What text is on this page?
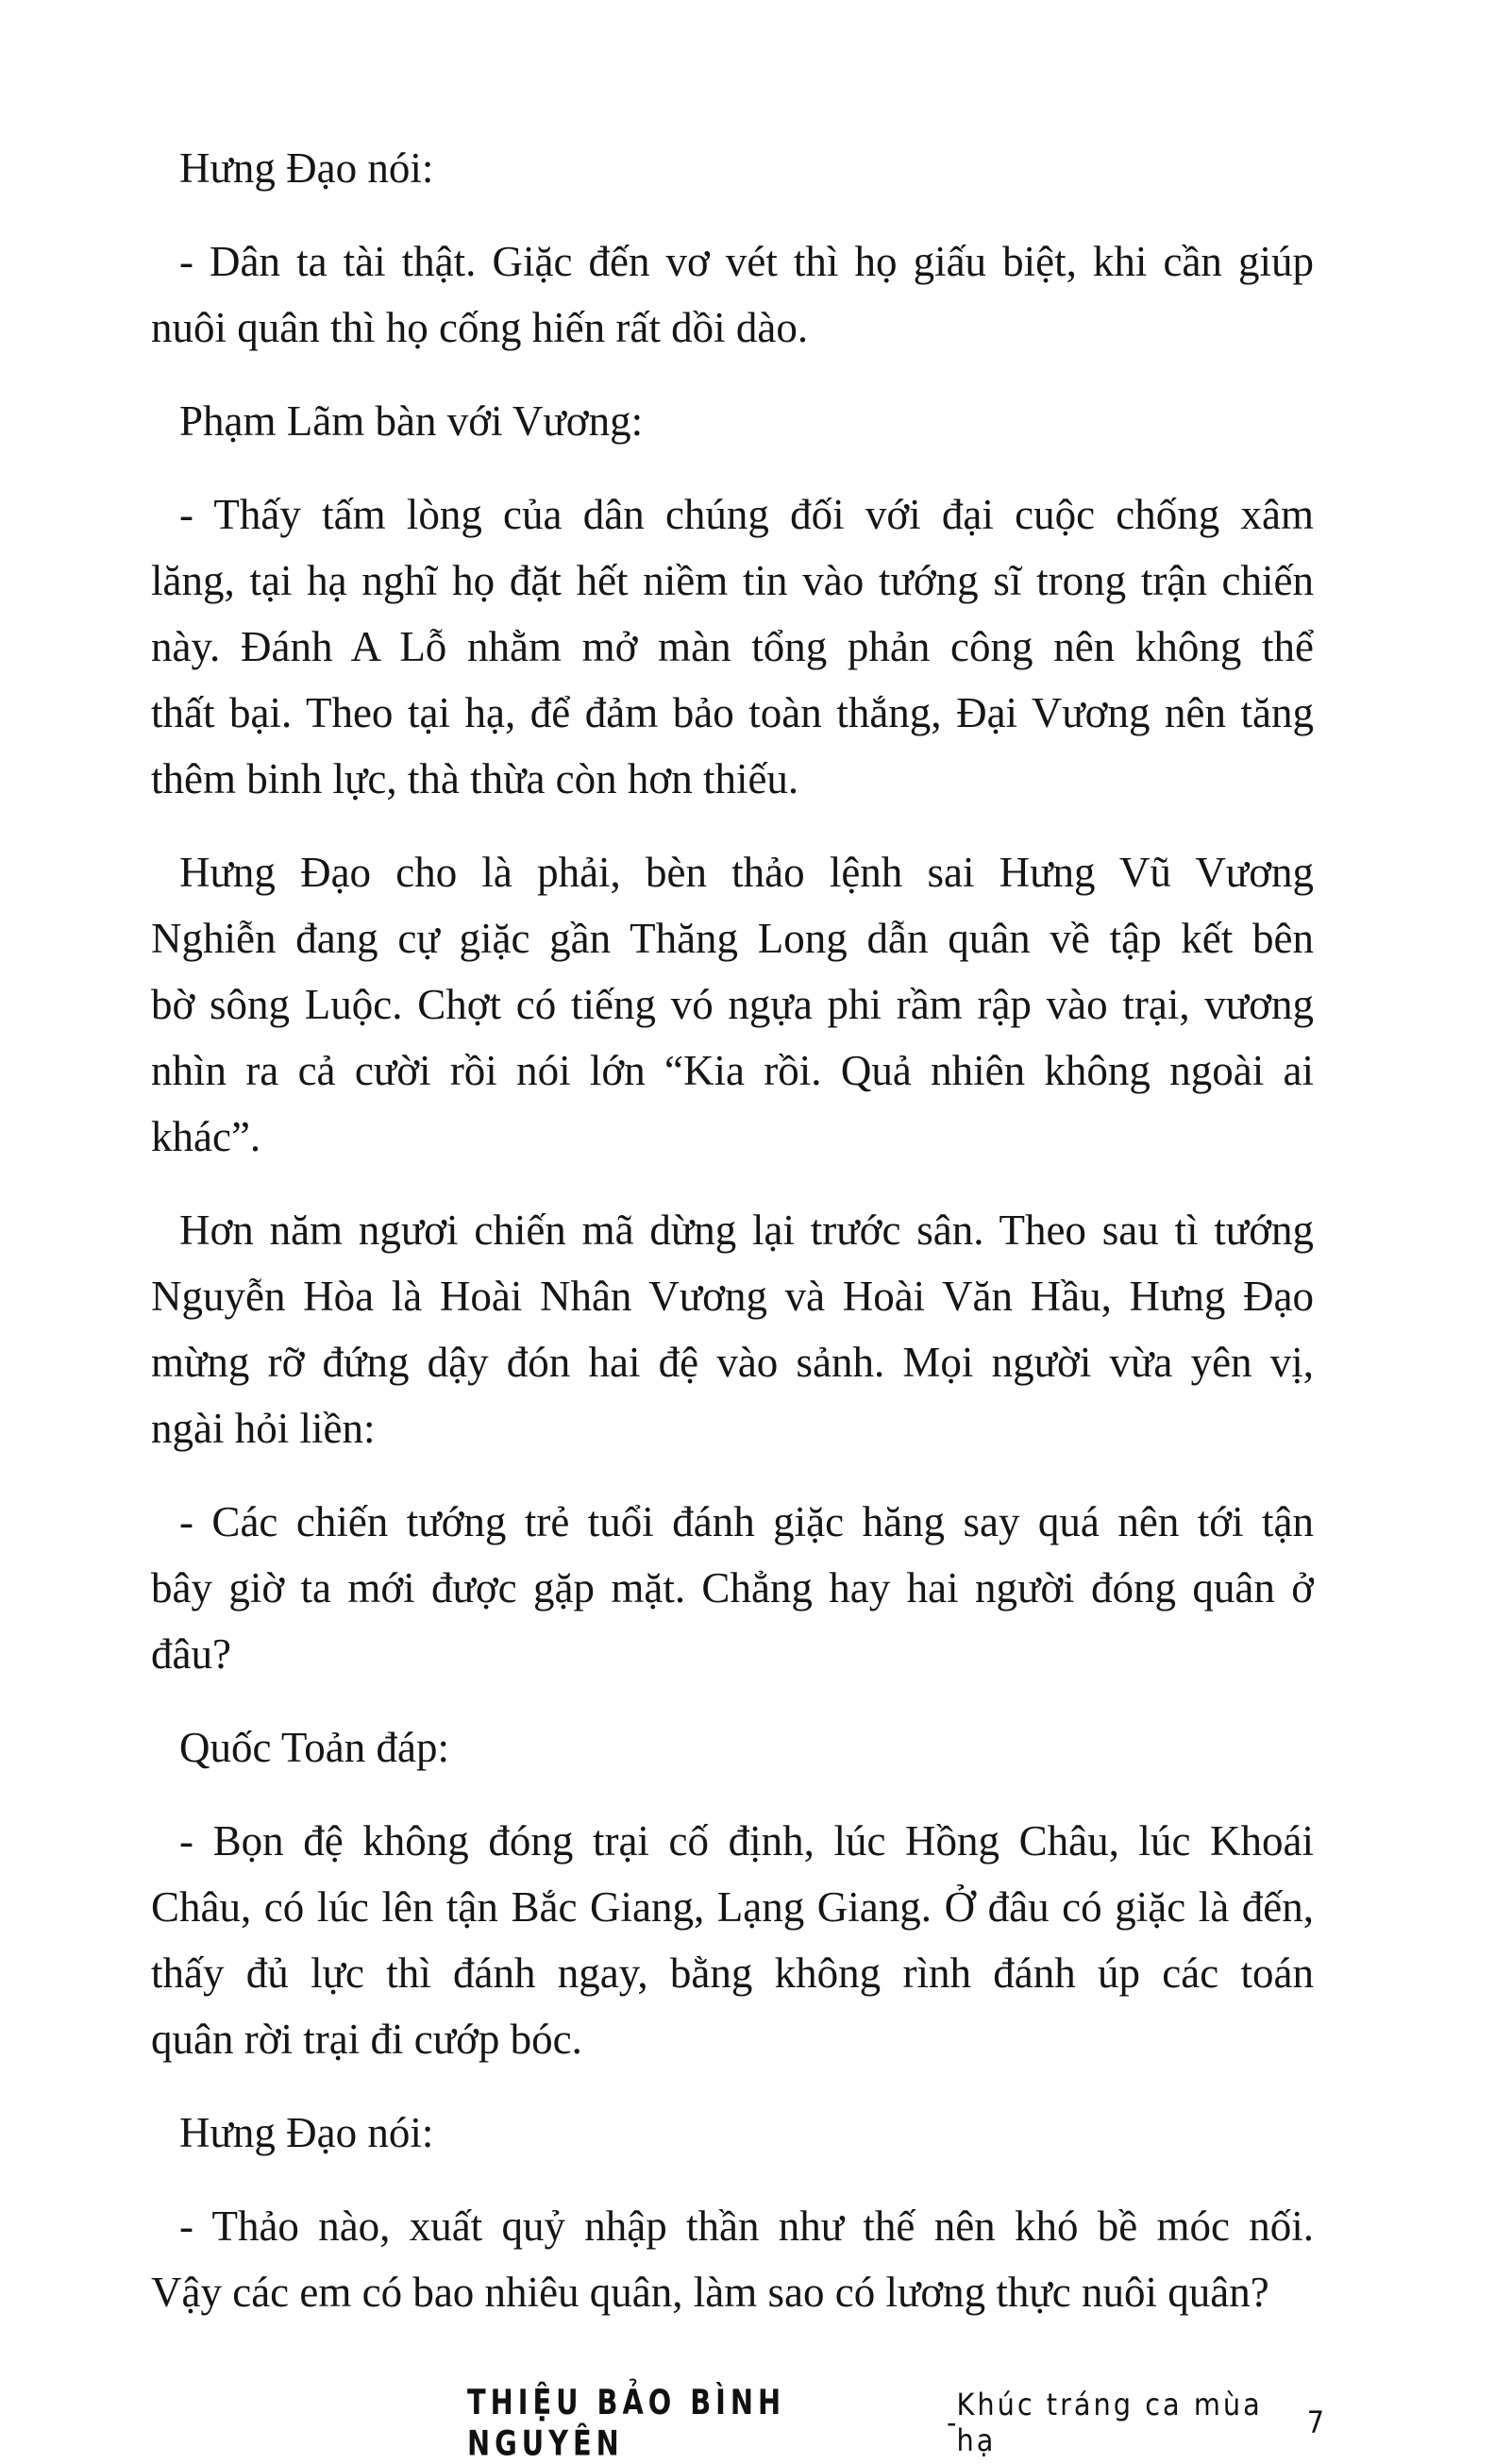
Hưng Đạo nói:
- Dân ta tài thật. Giặc đến vơ vét thì họ giấu biệt, khi cần giúp
nuôi quân thì họ cống hiến rất dồi dào.
Phạm Lãm bàn với Vương:
- Thấy tấm lòng của dân chúng đối với đại cuộc chống xâm
lăng, tại hạ nghĩ họ đặt hết niềm tin vào tướng sĩ trong trận chiến
này. Đánh A Lỗ nhằm mở màn tổng phản công nên không thể
thất bại. Theo tại hạ, để đảm bảo toàn thắng, Đại Vương nên tăng
thêm binh lực, thà thừa còn hơn thiếu.
Hưng Đạo cho là phải, bèn thảo lệnh sai Hưng Vũ Vương
Nghiễn đang cự giặc gần Thăng Long dẫn quân về tập kết bên
bờ sông Luộc. Chợt có tiếng vó ngựa phi rầm rập vào trại, vương
nhìn ra cả cười rồi nói lớn “Kia rồi. Quả nhiên không ngoài ai
khác”.
Hơn năm ngươi chiến mã dừng lại trước sân. Theo sau tì tướng
Nguyễn Hòa là Hoài Nhân Vương và Hoài Văn Hầu, Hưng Đạo
mừng rỡ đứng dậy đón hai đệ vào sảnh. Mọi người vừa yên vị,
ngài hỏi liền:
- Các chiến tướng trẻ tuổi đánh giặc hăng say quá nên tới tận
bây giờ ta mới được gặp mặt. Chẳng hay hai người đóng quân ở
đâu?
Quốc Toản đáp:
- Bọn đệ không đóng trại cố định, lúc Hồng Châu, lúc Khoái
Châu, có lúc lên tận Bắc Giang, Lạng Giang. Ở đâu có giặc là đến,
thấy đủ lực thì đánh ngay, bằng không rình đánh úp các toán
quân rời trại đi cướp bóc.
Hưng Đạo nói:
- Thảo nào, xuất quỷ nhập thần như thế nên khó bề móc nối.
Vậy các em có bao nhiêu quân, làm sao có lương thực nuôi quân?
THIỆU BẢO BÌNH NGUYÊN	- Khúc tráng ca mùa hạ	7
